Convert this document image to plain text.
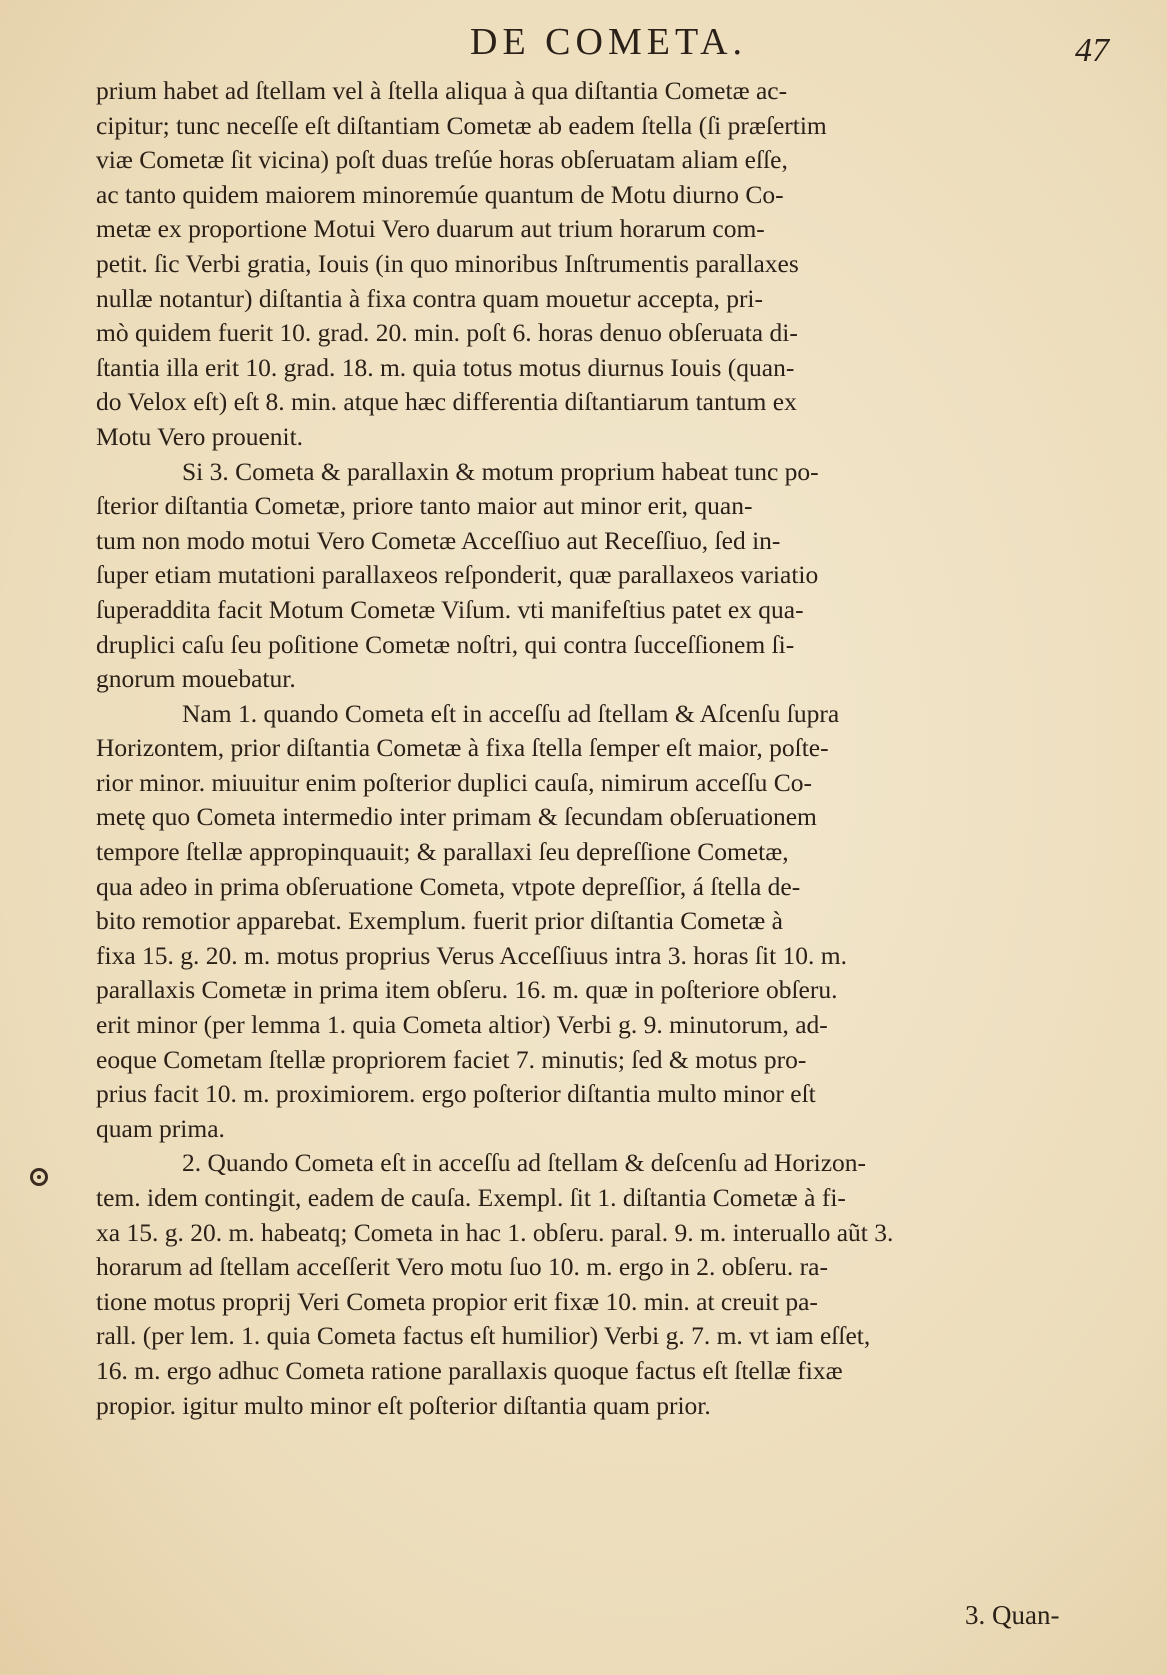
DE COMETA.	47

prium habet ad ſtellam vel à ſtella aliqua à qua diſtantia Cometæ ac-
cipitur; tunc neceſſe eſt diſtantiam Cometæ ab eadem ſtella (ſi præſertim
viæ Cometæ ſit vicina) poſt duas treſúe horas obſeruatam aliam eſſe,
ac tanto quidem maiorem minoremúe quantum de Motu diurno Co-
metæ ex proportione Motui Vero duarum aut trium horarum com-
petit. ſic Verbi gratia, Iouis (in quo minoribus Inſtrumentis parallaxes
nullæ notantur) diſtantia à fixa contra quam mouetur accepta, pri-
mò quidem fuerit 10. grad. 20. min. poſt 6. horas denuo obſeruata di-
ſtantia illa erit 10. grad. 18. m. quia totus motus diurnus Iouis (quan-
do Velox eſt) eſt 8. min. atque hæc differentia diſtantiarum tantum ex
Motu Vero prouenit.

Si 3. Cometa & parallaxin & motum proprium habeat tunc po-
ſterior diſtantia Cometæ, priore tanto maior aut minor erit, quan-
tum non modo motui Vero Cometæ Acceſſiuo aut Receſſiuo, ſed in-
ſuper etiam mutationi parallaxeos reſponderit, quæ parallaxeos variatio
ſuperaddita facit Motum Cometæ Viſum. vti manifeſtius patet ex qua-
druplici caſu ſeu poſitione Cometæ noſtri, qui contra ſucceſſionem ſi-
gnorum mouebatur.

Nam 1. quando Cometa eſt in acceſſu ad ſtellam & Aſcenſu ſupra
Horizontem, prior diſtantia Cometæ à fixa ſtella ſemper eſt maior, poſte-
rior minor. miuuitur enim poſterior duplici cauſa, nimirum acceſſu Co-
metę quo Cometa intermedio inter primam & ſecundam obſeruationem
tempore ſtellæ appropinquauit; & parallaxi ſeu depreſſione Cometæ,
qua adeo in prima obſeruatione Cometa, vtpote depreſſior, á ſtella de-
bito remotior apparebat. Exemplum. fuerit prior diſtantia Cometæ à
fixa 15. g. 20. m. motus proprius Verus Acceſſiuus intra 3. horas ſit 10. m.
parallaxis Cometæ in prima item obſeru. 16. m. quæ in poſteriore obſeru.
erit minor (per lemma 1. quia Cometa altior) Verbi g. 9. minutorum, ad-
eoque Cometam ſtellæ propriorem faciet 7. minutis; ſed & motus pro-
prius facit 10. m. proximiorem. ergo poſterior diſtantia multo minor eſt
quam prima.

2. Quando Cometa eſt in acceſſu ad ſtellam & deſcenſu ad Horizon-
tem. idem contingit, eadem de cauſa. Exempl. ſit 1. diſtantia Cometæ à fi-
xa 15. g. 20. m. habeatq; Cometa in hac 1. obſeru. paral. 9. m. interuallo aũt 3.
horarum ad ſtellam acceſſerit Vero motu ſuo 10. m. ergo in 2. obſeru. ra-
tione motus proprij Veri Cometa propior erit fixæ 10. min. at creuit pa-
rall. (per lem. 1. quia Cometa factus eſt humilior) Verbi g. 7. m. vt iam eſſet,
16. m. ergo adhuc Cometa ratione parallaxis quoque factus eſt ſtellæ fixæ
propior. igitur multo minor eſt poſterior diſtantia quam prior.

3. Quan-
